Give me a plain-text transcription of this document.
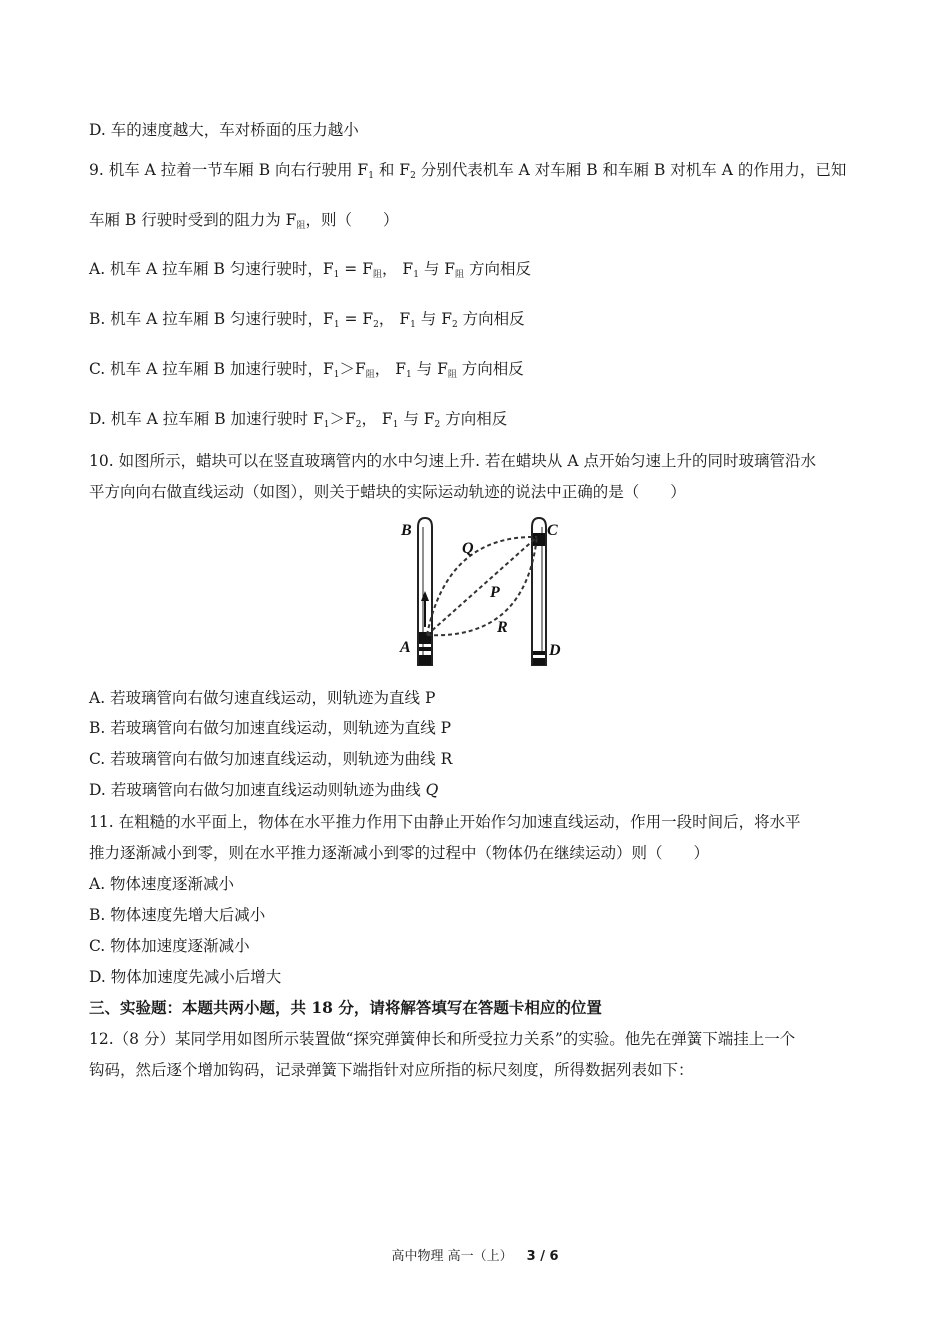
D. 车的速度越大，车对桥面的压力越小
9. 机车 A 拉着一节车厢 B 向右行驶用 $F_1$ 和 $F_2$ 分别代表机车 A 对车厢 B 和车厢 B 对机车 A 的作用力，已知
车厢 B 行驶时受到的阻力为 $F_阻$，则（　　）
A. 机车 A 拉车厢 B 匀速行驶时，$F_1 = F_阻$， $F_1$ 与 $F_阻$ 方向相反
B. 机车 A 拉车厢 B 匀速行驶时，$F_1 = F_2$， $F_1$ 与 $F_2$ 方向相反
C. 机车 A 拉车厢 B 加速行驶时，$F_1>F_阻$， $F_1$ 与 $F_阻$ 方向相反
D. 机车 A 拉车厢 B 加速行驶时 $F_1>F_2$， $F_1$ 与 $F_2$ 方向相反
10. 如图所示，蜡块可以在竖直玻璃管内的水中匀速上升. 若在蜡块从 A 点开始匀速上升的同时玻璃管沿水
平方向向右做直线运动（如图），则关于蜡块的实际运动轨迹的说法中正确的是（　　）
B	C
Q
P
R
A	D
A. 若玻璃管向右做匀速直线运动，则轨迹为直线 P
B. 若玻璃管向右做匀加速直线运动，则轨迹为直线 P
C. 若玻璃管向右做匀加速直线运动，则轨迹为曲线 R
D. 若玻璃管向右做匀加速直线运动则轨迹为曲线 Q
11. 在粗糙的水平面上，物体在水平推力作用下由静止开始作匀加速直线运动，作用一段时间后，将水平
推力逐渐减小到零，则在水平推力逐渐减小到零的过程中（物体仍在继续运动）则（　　）
A. 物体速度逐渐减小
B. 物体速度先增大后减小
C. 物体加速度逐渐减小
D. 物体加速度先减小后增大
三、实验题：本题共两小题，共 18 分，请将解答填写在答题卡相应的位置
12.（8 分）某同学用如图所示装置做“探究弹簧伸长和所受拉力关系”的实验。他先在弹簧下端挂上一个
钩码，然后逐个增加钩码，记录弹簧下端指针对应所指的标尺刻度，所得数据列表如下：
高中物理 高一（上） 3 / 6
